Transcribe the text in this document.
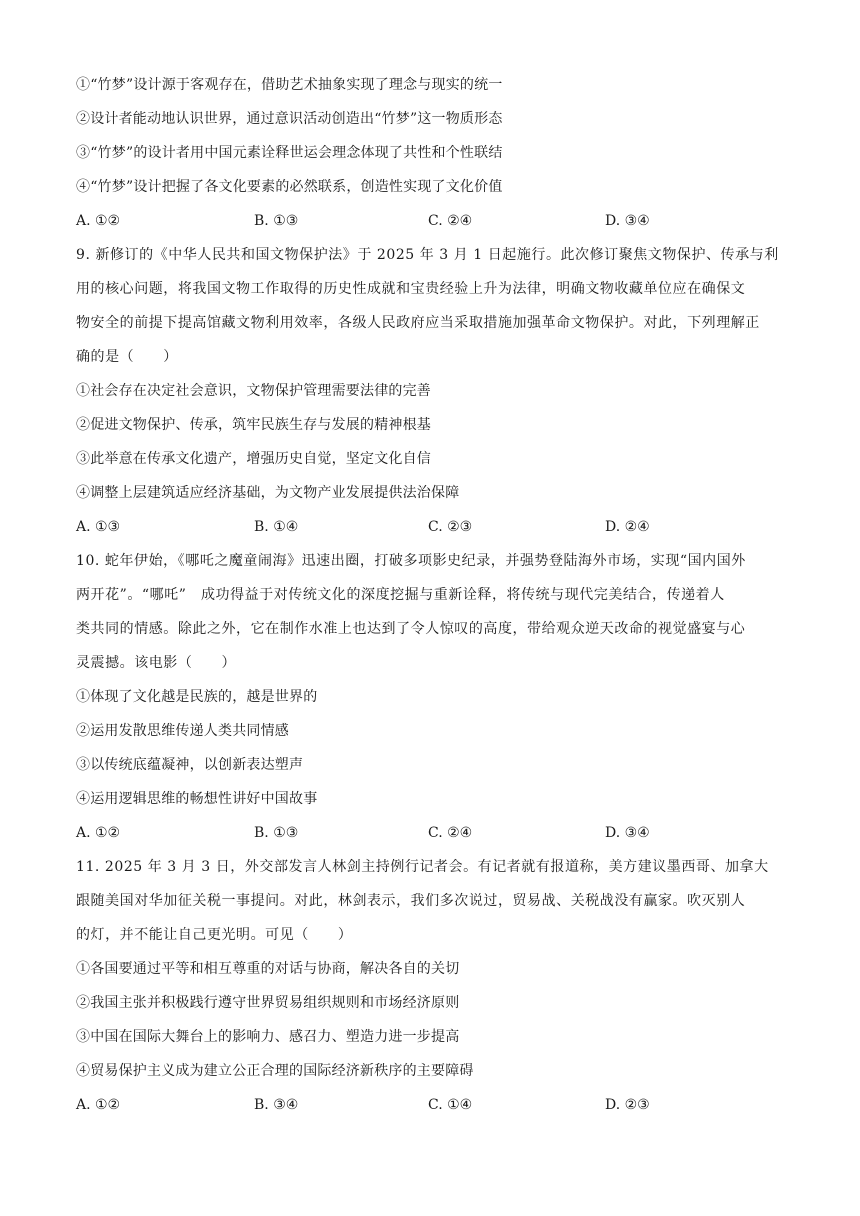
①“竹梦”设计源于客观存在，借助艺术抽象实现了理念与现实的统一
②设计者能动地认识世界，通过意识活动创造出“竹梦”这一物质形态
③“竹梦”的设计者用中国元素诠释世运会理念体现了共性和个性联结
④“竹梦”设计把握了各文化要素的必然联系，创造性实现了文化价值
A. ①②	B. ①③	C. ②④	D. ③④
9. 新修订的《中华人民共和国文物保护法》于 2025 年 3 月 1 日起施行。此次修订聚焦文物保护、传承与利
用的核心问题，将我国文物工作取得的历史性成就和宝贵经验上升为法律，明确文物收藏单位应在确保文
物安全的前提下提高馆藏文物利用效率，各级人民政府应当采取措施加强革命文物保护。对此，下列理解正
确的是（　　）
①社会存在决定社会意识，文物保护管理需要法律的完善
②促进文物保护、传承，筑牢民族生存与发展的精神根基
③此举意在传承文化遗产，增强历史自觉，坚定文化自信
④调整上层建筑适应经济基础，为文物产业发展提供法治保障
A. ①③	B. ①④	C. ②③	D. ②④
10. 蛇年伊始，《哪吒之魔童闹海》迅速出圈，打破多项影史纪录，并强势登陆海外市场，实现“国内国外
两开花”。“哪吒”　成功得益于对传统文化的深度挖掘与重新诠释，将传统与现代完美结合，传递着人
类共同的情感。除此之外，它在制作水准上也达到了令人惊叹的高度，带给观众逆天改命的视觉盛宴与心
灵震撼。该电影（　　）
①体现了文化越是民族的，越是世界的
②运用发散思维传递人类共同情感
③以传统底蕴凝神，以创新表达塑声
④运用逻辑思维的畅想性讲好中国故事
A. ①②	B. ①③	C. ②④	D. ③④
11. 2025 年 3 月 3 日，外交部发言人林剑主持例行记者会。有记者就有报道称，美方建议墨西哥、加拿大
跟随美国对华加征关税一事提问。对此，林剑表示，我们多次说过，贸易战、关税战没有赢家。吹灭别人
的灯，并不能让自己更光明。可见（　　）
①各国要通过平等和相互尊重的对话与协商，解决各自的关切
②我国主张并积极践行遵守世界贸易组织规则和市场经济原则
③中国在国际大舞台上的影响力、感召力、塑造力进一步提高
④贸易保护主义成为建立公正合理的国际经济新秩序的主要障碍
A. ①②	B. ③④	C. ①④	D. ②③
